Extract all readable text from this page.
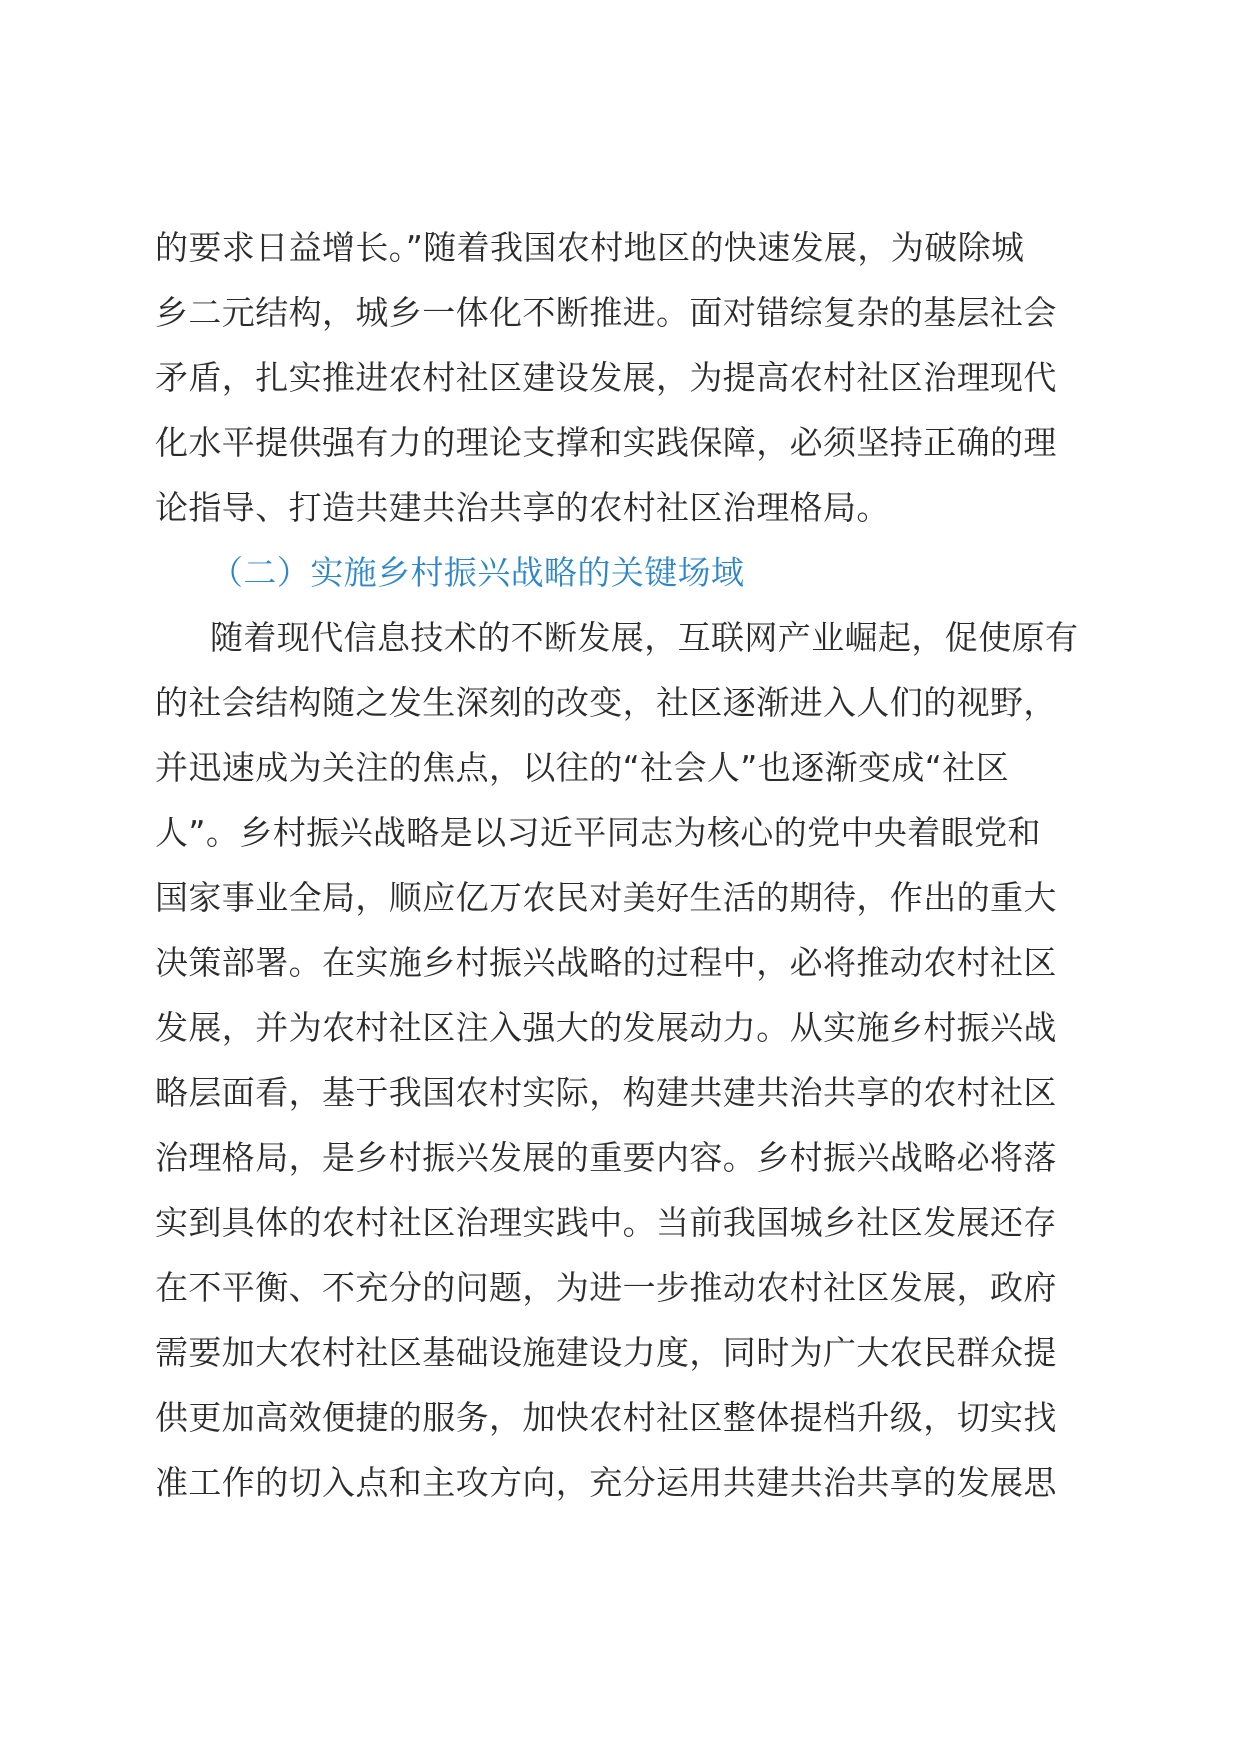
的要求日益增长。”随着我国农村地区的快速发展，为破除城
乡二元结构，城乡一体化不断推进。面对错综复杂的基层社会
矛盾，扎实推进农村社区建设发展，为提高农村社区治理现代
化水平提供强有力的理论支撑和实践保障，必须坚持正确的理
论指导、打造共建共治共享的农村社区治理格局。
（二）实施乡村振兴战略的关键场域
随着现代信息技术的不断发展，互联网产业崛起，促使原有
的社会结构随之发生深刻的改变，社区逐渐进入人们的视野，
并迅速成为关注的焦点，以往的“社会人”也逐渐变成“社区
人”。乡村振兴战略是以习近平同志为核心的党中央着眼党和
国家事业全局，顺应亿万农民对美好生活的期待，作出的重大
决策部署。在实施乡村振兴战略的过程中，必将推动农村社区
发展，并为农村社区注入强大的发展动力。从实施乡村振兴战
略层面看，基于我国农村实际，构建共建共治共享的农村社区
治理格局，是乡村振兴发展的重要内容。乡村振兴战略必将落
实到具体的农村社区治理实践中。当前我国城乡社区发展还存
在不平衡、不充分的问题，为进一步推动农村社区发展，政府
需要加大农村社区基础设施建设力度，同时为广大农民群众提
供更加高效便捷的服务，加快农村社区整体提档升级，切实找
准工作的切入点和主攻方向，充分运用共建共治共享的发展思
